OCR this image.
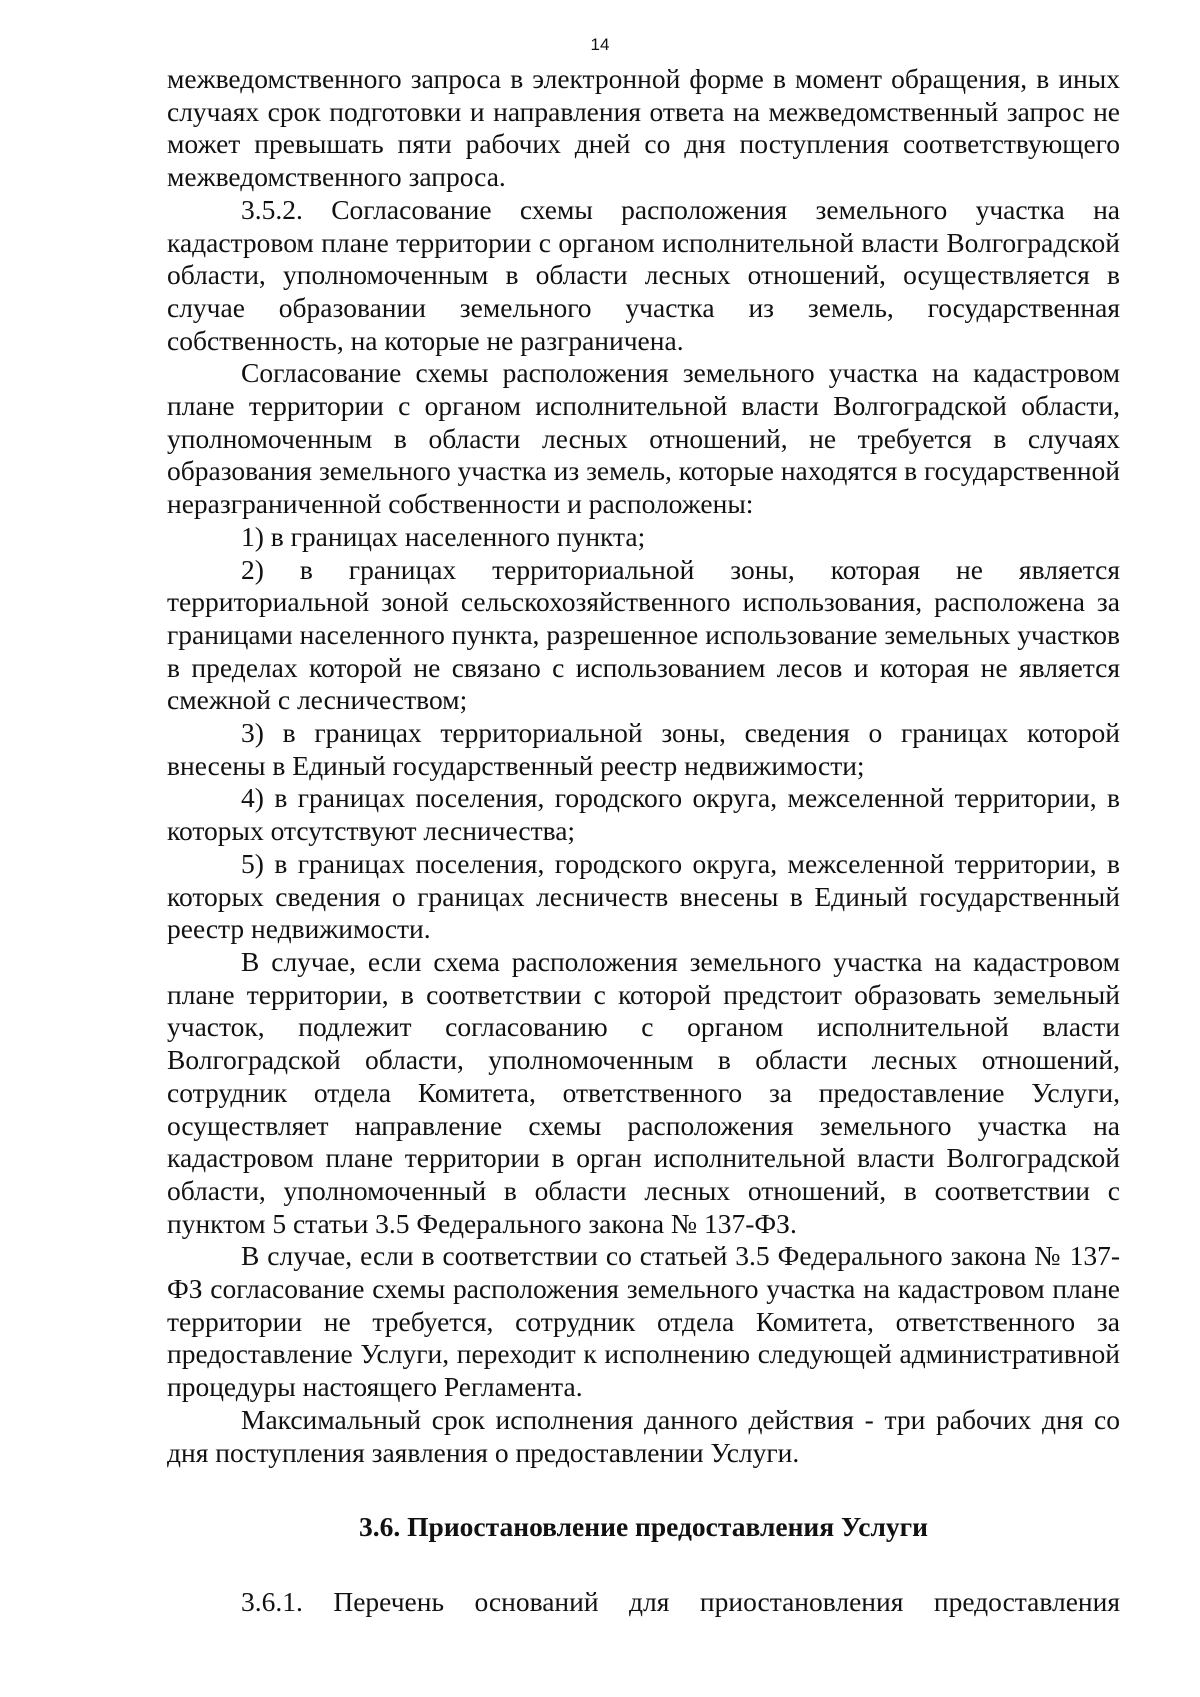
14

межведомственного запроса в электронной форме в момент обращения, в иных случаях срок подготовки и направления ответа на межведомственный запрос не может превышать пяти рабочих дней со дня поступления соответствующего межведомственного запроса.

3.5.2. Согласование схемы расположения земельного участка на кадастровом плане территории с органом исполнительной власти Волгоградской области, уполномоченным в области лесных отношений, осуществляется в случае образовании земельного участка из земель, государственная собственность, на которые не разграничена.

Согласование схемы расположения земельного участка на кадастровом плане территории с органом исполнительной власти Волгоградской области, уполномоченным в области лесных отношений, не требуется в случаях образования земельного участка из земель, которые находятся в государственной неразграниченной собственности и расположены:

1) в границах населенного пункта;

2) в границах территориальной зоны, которая не является территориальной зоной сельскохозяйственного использования, расположена за границами населенного пункта, разрешенное использование земельных участков в пределах которой не связано с использованием лесов и которая не является смежной с лесничеством;

3) в границах территориальной зоны, сведения о границах которой внесены в Единый государственный реестр недвижимости;

4) в границах поселения, городского округа, межселенной территории, в которых отсутствуют лесничества;

5) в границах поселения, городского округа, межселенной территории, в которых сведения о границах лесничеств внесены в Единый государственный реестр недвижимости.

В случае, если схема расположения земельного участка на кадастровом плане территории, в соответствии с которой предстоит образовать земельный участок, подлежит согласованию с органом исполнительной власти Волгоградской области, уполномоченным в области лесных отношений, сотрудник отдела Комитета, ответственного за предоставление Услуги, осуществляет направление схемы расположения земельного участка на кадастровом плане территории в орган исполнительной власти Волгоградской области, уполномоченный в области лесных отношений, в соответствии с пунктом 5 статьи 3.5 Федерального закона № 137-ФЗ.

В случае, если в соответствии со статьей 3.5 Федерального закона № 137-ФЗ согласование схемы расположения земельного участка на кадастровом плане территории не требуется, сотрудник отдела Комитета, ответственного за предоставление Услуги, переходит к исполнению следующей административной процедуры настоящего Регламента.

Максимальный срок исполнения данного действия - три рабочих дня со дня поступления заявления о предоставлении Услуги.

3.6. Приостановление предоставления Услуги

3.6.1. Перечень оснований для приостановления предоставления
